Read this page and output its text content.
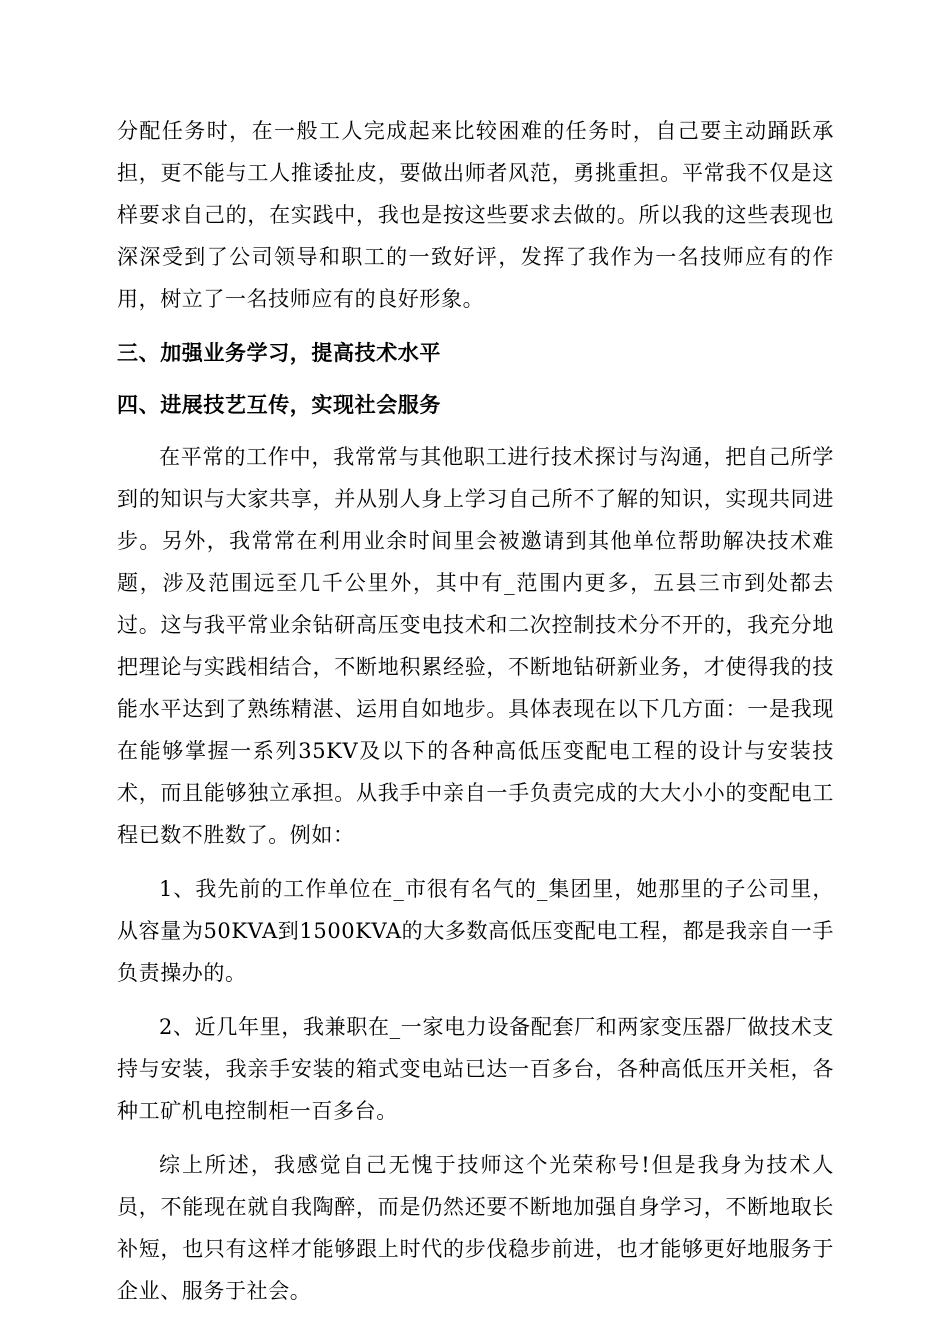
分配任务时，在一般工人完成起来比较困难的任务时，自己要主动踊跃承担，更不能与工人推诿扯皮，要做出师者风范，勇挑重担。平常我不仅是这样要求自己的，在实践中，我也是按这些要求去做的。所以我的这些表现也深深受到了公司领导和职工的一致好评，发挥了我作为一名技师应有的作用，树立了一名技师应有的良好形象。

三、加强业务学习，提高技术水平

四、进展技艺互传，实现社会服务

在平常的工作中，我常常与其他职工进行技术探讨与沟通，把自己所学到的知识与大家共享，并从别人身上学习自己所不了解的知识，实现共同进步。另外，我常常在利用业余时间里会被邀请到其他单位帮助解决技术难题，涉及范围远至几千公里外，其中有_范围内更多，五县三市到处都去过。这与我平常业余钻研高压变电技术和二次控制技术分不开的，我充分地把理论与实践相结合，不断地积累经验，不断地钻研新业务，才使得我的技能水平达到了熟练精湛、运用自如地步。具体表现在以下几方面：一是我现在能够掌握一系列35KV及以下的各种高低压变配电工程的设计与安装技术，而且能够独立承担。从我手中亲自一手负责完成的大大小小的变配电工程已数不胜数了。例如：

1、我先前的工作单位在_市很有名气的_集团里，她那里的子公司里，从容量为50KVA到1500KVA的大多数高低压变配电工程，都是我亲自一手负责操办的。

2、近几年里，我兼职在_一家电力设备配套厂和两家变压器厂做技术支持与安装，我亲手安装的箱式变电站已达一百多台，各种高低压开关柜，各种工矿机电控制柜一百多台。

综上所述，我感觉自己无愧于技师这个光荣称号!但是我身为技术人员，不能现在就自我陶醉，而是仍然还要不断地加强自身学习，不断地取长补短，也只有这样才能够跟上时代的步伐稳步前进，也才能够更好地服务于企业、服务于社会。
